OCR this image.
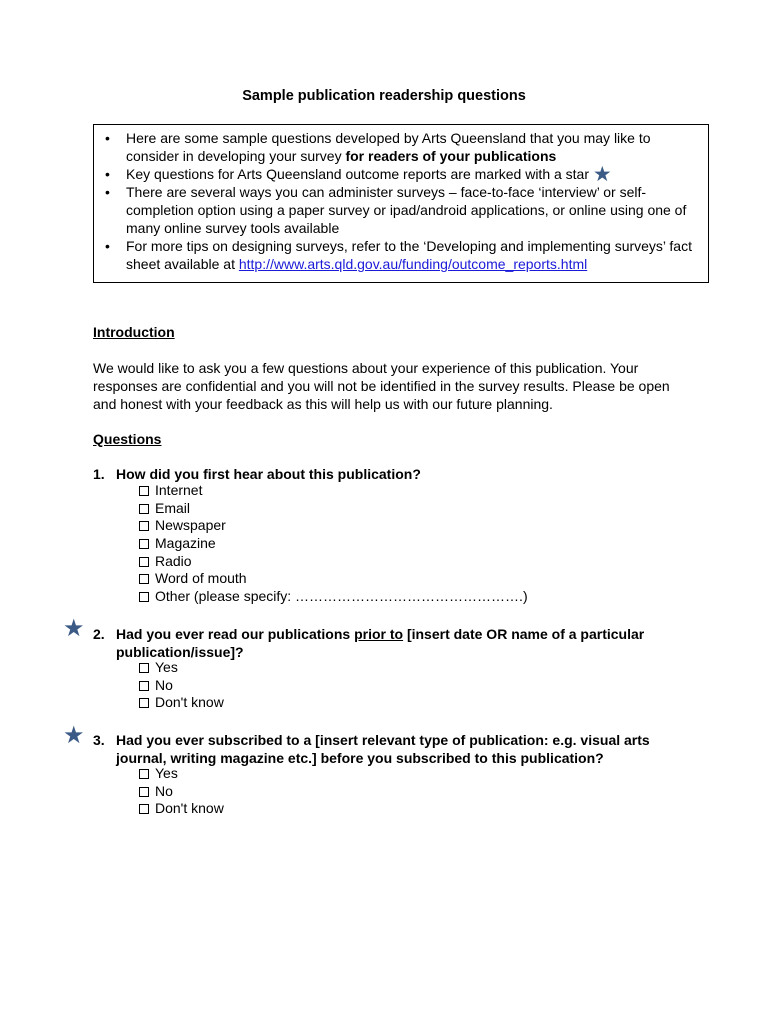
Sample publication readership questions
• Here are some sample questions developed by Arts Queensland that you may like to consider in developing your survey for readers of your publications
• Key questions for Arts Queensland outcome reports are marked with a star ★
• There are several ways you can administer surveys – face-to-face ‘interview’ or self-completion option using a paper survey or ipad/android applications, or online using one of many online survey tools available
• For more tips on designing surveys, refer to the ‘Developing and implementing surveys’ fact sheet available at http://www.arts.qld.gov.au/funding/outcome_reports.html
Introduction
We would like to ask you a few questions about your experience of this publication. Your responses are confidential and you will not be identified in the survey results. Please be open and honest with your feedback as this will help us with our future planning.
Questions
1. How did you first hear about this publication?
Internet
Email
Newspaper
Magazine
Radio
Word of mouth
Other (please specify: ………………………………………….)
★ 2. Had you ever read our publications prior to [insert date OR name of a particular publication/issue]?
Yes
No
Don't know
★ 3. Had you ever subscribed to a [insert relevant type of publication: e.g. visual arts journal, writing magazine etc.] before you subscribed to this publication?
Yes
No
Don't know
